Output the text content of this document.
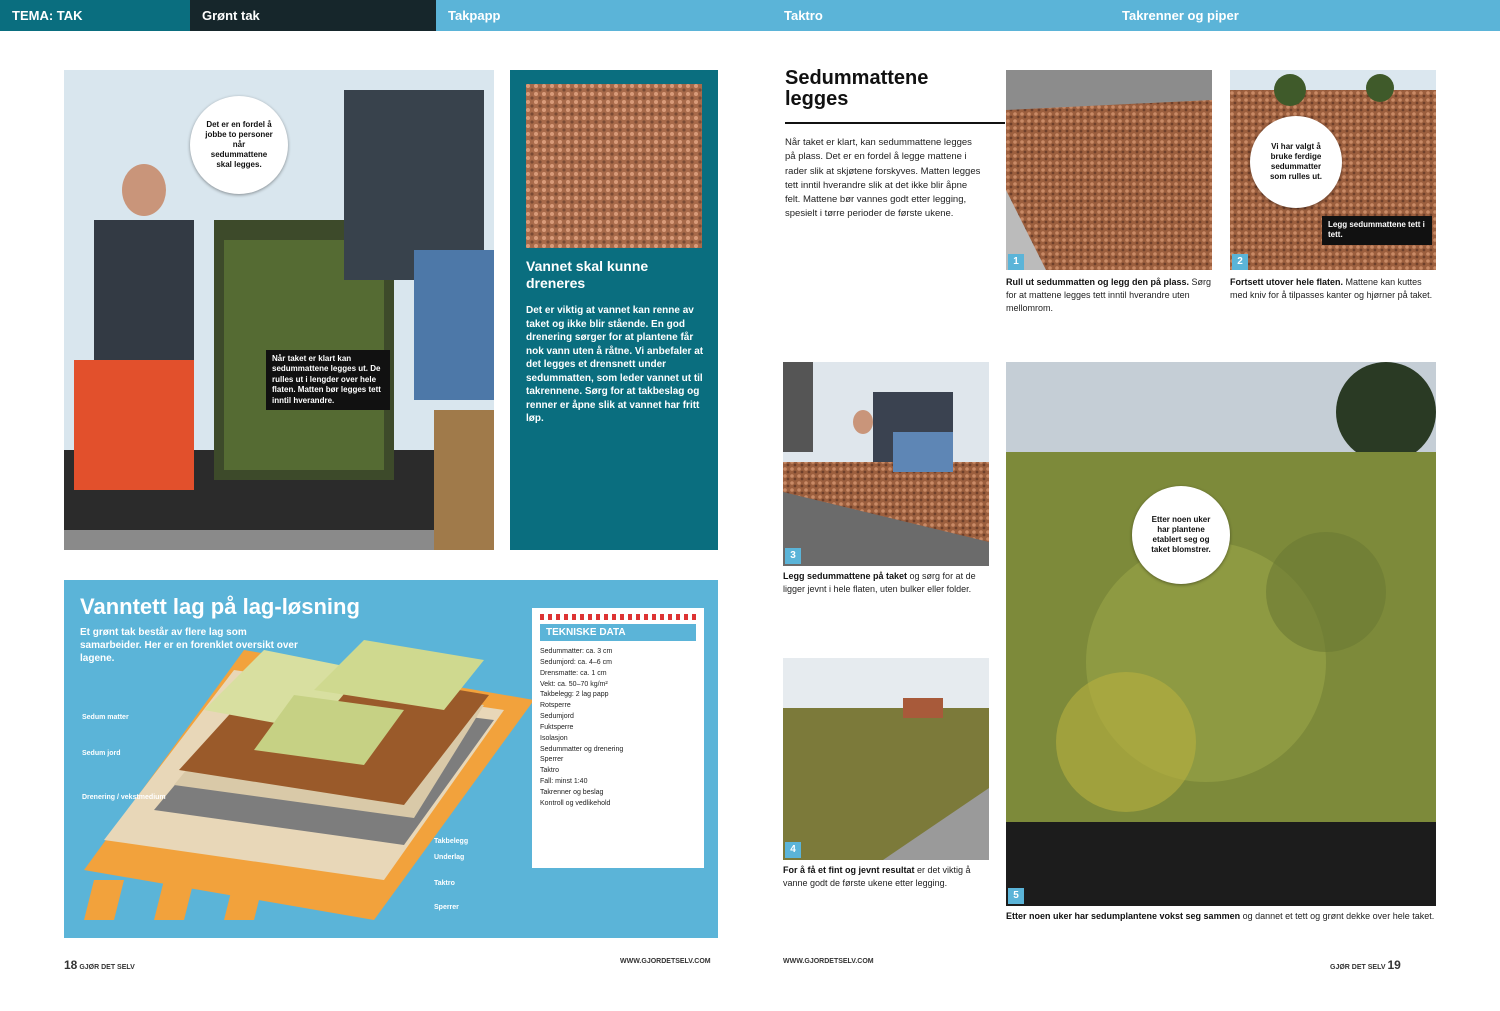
TEMA: TAK	Grønt tak	Takpapp	Taktro	Takrenner og piper
Det er en fordel å jobbe to personer når sedummattene skal legges.
Når taket er klart kan sedummattene legges ut. De rulles ut i lengder over hele flaten. Matten bør legges tett inntil hverandre.
Vannet skal kunne dreneres
Det er viktig at vannet kan renne av taket og ikke blir stående. En god drenering sørger for at plantene får nok vann uten å råtne. Vi anbefaler at det legges et drensnett under sedummatten, som leder vannet ut til takrennene. Sørg for at takbeslag og renner er åpne slik at vannet har fritt løp.
Vanntett lag på lag-løsning
Et grønt tak består av flere lag som samarbeider. Her er en forenklet oversikt over lagene.
Sedum matter
Sedum jord
Drenering / vekstmedium
Takbelegg
Underlag
Taktro
Sperrer
TEKNISKE DATA
Sedummatter: ca. 3 cm
Sedumjord: ca. 4–6 cm
Drensmatte: ca. 1 cm
Vekt: ca. 50–70 kg/m²
Takbelegg: 2 lag papp
Rotsperre
Sedumjord
Fuktsperre
Isolasjon
Sedummatter og drenering
Sperrer
Taktro
Fall: minst 1:40
Takrenner og beslag
Kontroll og vedlikehold
18 GJØR DET SELV
WWW.GJORDETSELV.COM
Sedummattene legges
Når taket er klart, kan sedummattene legges på plass. Det er en fordel å legge mattene i rader slik at skjøtene forskyves. Matten legges tett inntil hverandre slik at det ikke blir åpne felt. Mattene bør vannes godt etter legging, spesielt i tørre perioder de første ukene.
1
Rull ut sedummatten og legg den på plass. Sørg for at mattene legges tett inntil hverandre uten mellomrom.
Vi har valgt å bruke ferdige sedummatter som rulles ut.
Legg sedummattene tett i tett.
2
Fortsett utover hele flaten. Mattene kan kuttes med kniv for å tilpasses kanter og hjørner på taket.
3
Legg sedummattene på taket og sørg for at de ligger jevnt i hele flaten, uten bulker eller folder.
4
For å få et fint og jevnt resultat er det viktig å vanne godt de første ukene etter legging.
Etter noen uker har plantene etablert seg og taket blomstrer.
5
Etter noen uker har sedumplantene vokst seg sammen og dannet et tett og grønt dekke over hele taket.
WWW.GJORDETSELV.COM
GJØR DET SELV 19
